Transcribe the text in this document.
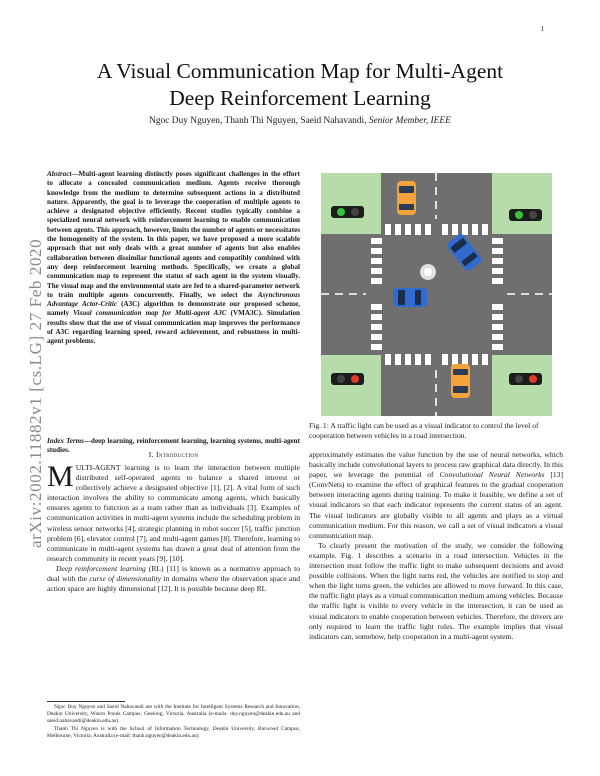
1
arXiv:2002.11882v1 [cs.LG] 27 Feb 2020
A Visual Communication Map for Multi-Agent
Deep Reinforcement Learning
Ngoc Duy Nguyen, Thanh Thi Nguyen, Saeid Nahavandi, Senior Member, IEEE
Abstract—Multi-agent learning distinctly poses significant challenges in the effort to allocate a concealed communication medium. Agents receive thorough knowledge from the medium to determine subsequent actions in a distributed nature. Apparently, the goal is to leverage the cooperation of multiple agents to achieve a designated objective efficiently. Recent studies typically combine a specialized neural network with reinforcement learning to enable communication between agents. This approach, however, limits the number of agents or necessitates the homogeneity of the system. In this paper, we have proposed a more scalable approach that not only deals with a great number of agents but also enables collaboration between dissimilar functional agents and compatibly combined with any deep reinforcement learning methods. Specifically, we create a global communication map to represent the status of each agent in the system visually. The visual map and the environmental state are fed to a shared-parameter network to train multiple agents concurrently. Finally, we select the Asynchronous Advantage Actor-Critic (A3C) algorithm to demonstrate our proposed scheme, namely Visual communication map for Multi-agent A3C (VMA3C). Simulation results show that the use of visual communication map improves the performance of A3C regarding learning speed, reward achievement, and robustness in multi-agent problems.
Index Terms—deep learning, reinforcement learning, learning systems, multi-agent studies.	I. Introduction

MULTI-AGENT learning is to learn the interaction between multiple distributed self-operated agents to balance a shared interest or collectively achieve a designated objective [1], [2]. A vital form of such interaction involves the ability to communicate among agents, which basically ensures agents to function as a team rather than as individuals [3]. Examples of communication activities in multi-agent systems include the scheduling problem in wireless sensor networks [4], strategic planning in robot soccer [5], traffic junction problem [6], elevator control [7], and multi-agent games [8]. Therefore, learning to communicate in multi-agent systems has drawn a great deal of attention from the research community in recent years [9], [10].

Deep reinforcement learning (RL) [11] is known as a normative approach to deal with the curse of dimensionality in domains where the observation space and action space are highly dimensional [12]. It is possible because deep RL

Ngoc Duy Nguyen and Saeid Nahavandi are with the Institute for Intelligent Systems Research and Innovation, Deakin University, Waurn Ponds Campus, Geelong, Victoria, Australia (e-mails: duy.nguyen@deakin.edu.au and saeid.nahavandi@deakin.edu.au).

Thanh Thi Nguyen is with the School of Information Technology, Deakin University, Burwood Campus, Melbourne, Victoria, Australia (e-mail: thanh.nguyen@deakin.edu.au).

Fig. 1: A traffic light can be used as a visual indicator to control the level of cooperation between vehicles in a road intersection.

approximately estimates the value function by the use of neural networks, which basically include convolutional layers to process raw graphical data directly. In this paper, we leverage the potential of Convolutional Neural Networks [13] (ConvNets) to examine the effect of graphical features to the gradual cooperation between interacting agents during training. To make it feasible, we define a set of visual indicators so that each indicator represents the current status of an agent. The visual indicators are globally visible to all agents and plays as a virtual communication medium. For this reason, we call a set of visual indicators a visual communication map.

To clearly present the motivation of the study, we consider the following example. Fig. 1 describes a scenario in a road intersection. Vehicles in the intersection must follow the traffic light to make subsequent decisions and avoid possible collisions. When the light turns red, the vehicles are notified to stop and when the light turns green, the vehicles are allowed to move forward. In this case, the traffic light plays as a virtual communication medium among vehicles. Because the traffic light is visible to every vehicle in the intersection, it can be used as visual indicators to enable cooperation between vehicles. Therefore, the drivers are only required to learn the traffic light rules. The example implies that visual indicators can, somehow, help cooperation in a multi-agent system.
